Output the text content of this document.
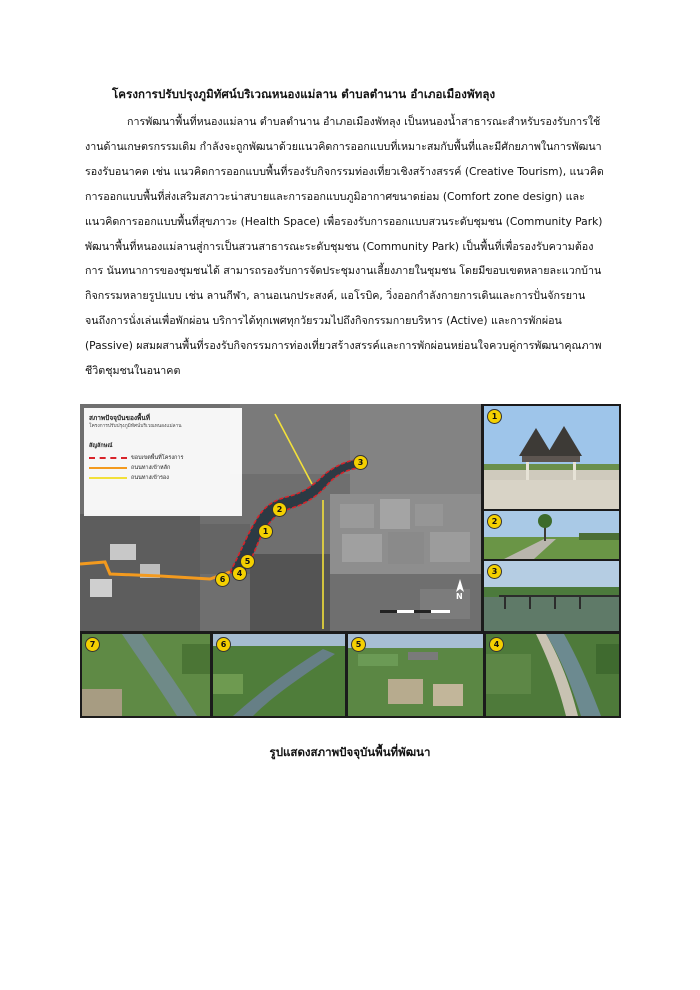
โครงการปรับปรุงภูมิทัศน์บริเวณหนองแม่ลาน ตำบลตำนาน อำเภอเมืองพัทลุง
การพัฒนาพื้นที่หนองแม่ลาน ตำบลตำนาน อำเภอเมืองพัทลุง เป็นหนองน้ำสาธารณะสำหรับรองรับการใช้
งานด้านเกษตรกรรมเดิม กำลังจะถูกพัฒนาด้วยแนวคิดการออกแบบที่เหมาะสมกับพื้นที่และมีศักยภาพในการพัฒนา
รองรับอนาคต เช่น แนวคิดการออกแบบพื้นที่รองรับกิจกรรมท่องเที่ยวเชิงสร้างสรรค์ (Creative Tourism), แนวคิด
การออกแบบพื้นที่ส่งเสริมสภาวะน่าสบายและการออกแบบภูมิอากาศขนาดย่อม (Comfort zone design) และ
แนวคิดการออกแบบพื้นที่สุขภาวะ (Health Space) เพื่อรองรับการออกแบบสวนระดับชุมชน (Community Park)
พัฒนาพื้นที่หนองแม่ลานสู่การเป็นสวนสาธารณะระดับชุมชน (Community Park) เป็นพื้นที่เพื่อรองรับความต้อง
การ นันทนาการของชุมชนได้ สามารถรองรับการจัดประชุมงานเลี้ยงภายในชุมชน โดยมีขอบเขตหลายละแวกบ้าน
กิจกรรมหลายรูปแบบ เช่น ลานกีฬา, ลานอเนกประสงค์, แอโรบิค, วิ่งออกกำลังกายการเดินและการปั่นจักรยาน
จนถึงการนั่งเล่นเพื่อพักผ่อน บริการได้ทุกเพศทุกวัยรวมไปถึงกิจกรรมกายบริหาร (Active) และการพักผ่อน
(Passive) ผสมผสานพื้นที่รองรับกิจกรรมการท่องเที่ยวสร้างสรรค์และการพักผ่อนหย่อนใจควบคู่การพัฒนาคุณภาพ
ชีวิตชุมชนในอนาคต
N
3
2
1
5
4
6
สภาพปัจจุบันของพื้นที่
โครงการปรับปรุงภูมิทัศน์บริเวณหนองแม่ลาน
สัญลักษณ์
ขอบเขตพื้นที่โครงการ
ถนนทางเข้าหลัก
ถนนทางเข้ารอง
1
2
3
7	6	5	4
รูปแสดงสภาพปัจจุบันพื้นที่พัฒนา
